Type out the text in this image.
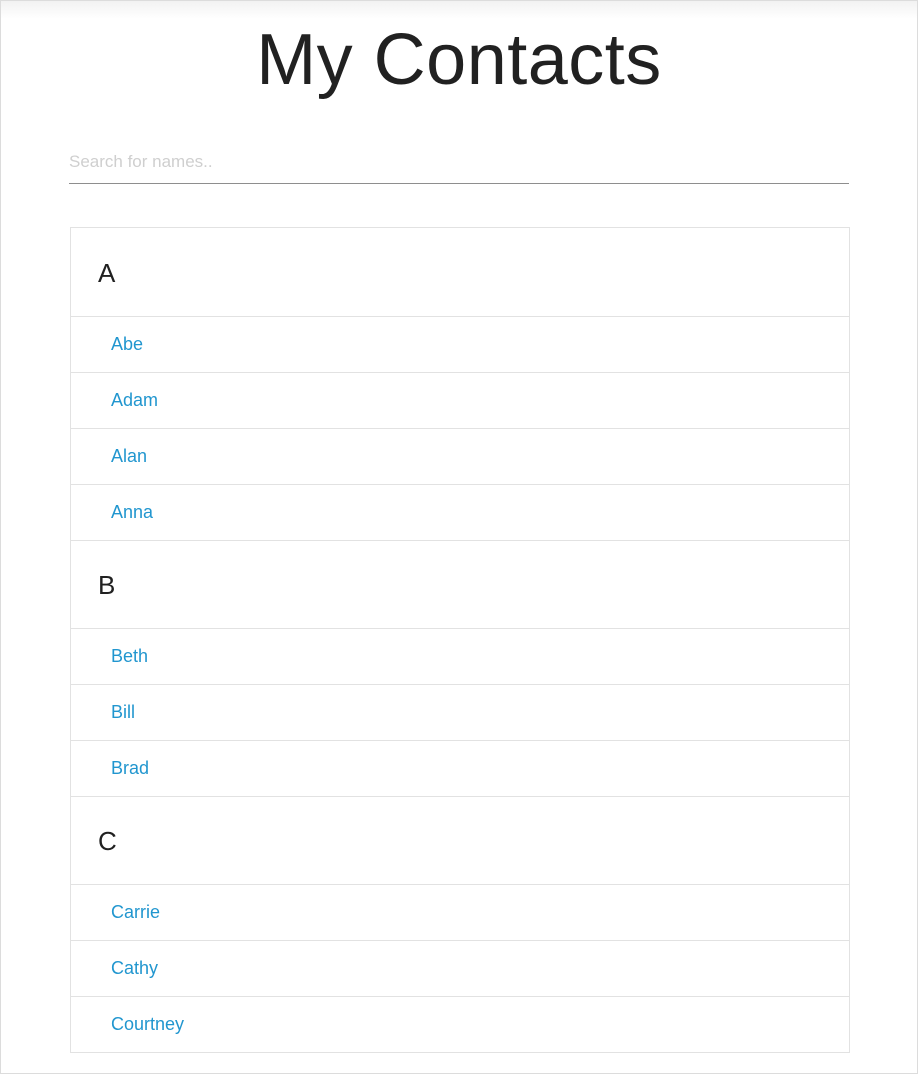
My Contacts
Search for names..
A
Abe
Adam
Alan
Anna
B
Beth
Bill
Brad
C
Carrie
Cathy
Courtney
